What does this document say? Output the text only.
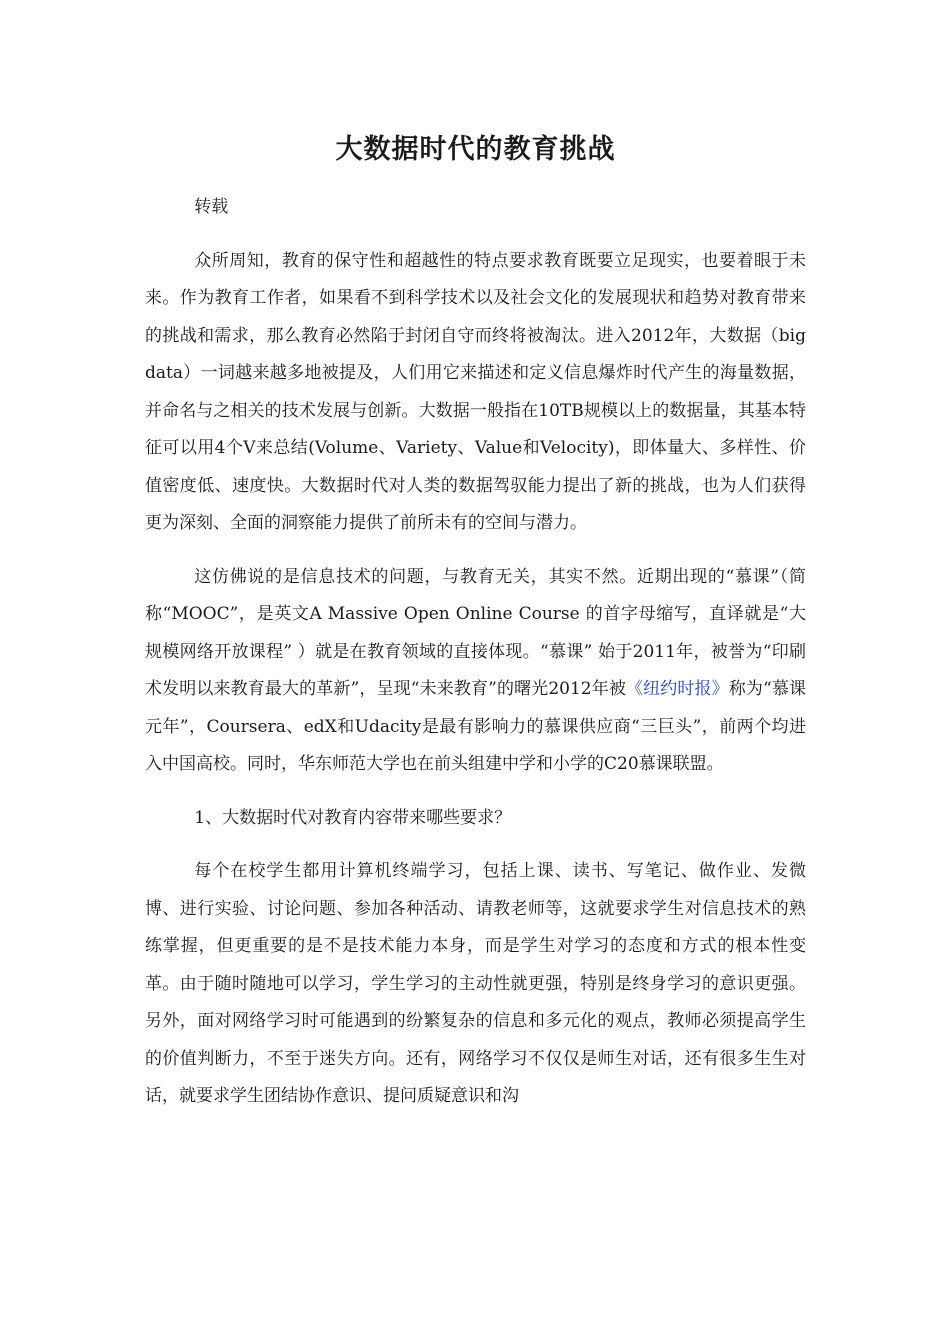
大数据时代的教育挑战

转载

众所周知，教育的保守性和超越性的特点要求教育既要立足现实，也要着眼于未来。作为教育工作者，如果看不到科学技术以及社会文化的发展现状和趋势对教育带来的挑战和需求，那么教育必然陷于封闭自守而终将被淘汰。进入2012年，大数据（big data）一词越来越多地被提及，人们用它来描述和定义信息爆炸时代产生的海量数据，并命名与之相关的技术发展与创新。大数据一般指在10TB规模以上的数据量，其基本特征可以用4个V来总结(Volume、Variety、Value和Velocity)，即体量大、多样性、价值密度低、速度快。大数据时代对人类的数据驾驭能力提出了新的挑战，也为人们获得更为深刻、全面的洞察能力提供了前所未有的空间与潜力。

这仿佛说的是信息技术的问题，与教育无关，其实不然。近期出现的“慕课”（简称“MOOC”，是英文A Massive Open Online Course 的首字母缩写，直译就是“大规模网络开放课程” ）就是在教育领域的直接体现。“慕课” 始于2011年，被誉为“印刷术发明以来教育最大的革新”，呈现“未来教育”的曙光2012年被《纽约时报》称为“慕课元年”，Coursera、edX和Udacity是最有影响力的慕课供应商“三巨头”，前两个均进入中国高校。同时，华东师范大学也在前头组建中学和小学的C20慕课联盟。

1、大数据时代对教育内容带来哪些要求？

每个在校学生都用计算机终端学习，包括上课、读书、写笔记、做作业、发微博、进行实验、讨论问题、参加各种活动、请教老师等，这就要求学生对信息技术的熟练掌握，但更重要的是不是技术能力本身，而是学生对学习的态度和方式的根本性变革。由于随时随地可以学习，学生学习的主动性就更强，特别是终身学习的意识更强。另外，面对网络学习时可能遇到的纷繁复杂的信息和多元化的观点，教师必须提高学生的价值判断力，不至于迷失方向。还有，网络学习不仅仅是师生对话，还有很多生生对话，就要求学生团结协作意识、提问质疑意识和沟
